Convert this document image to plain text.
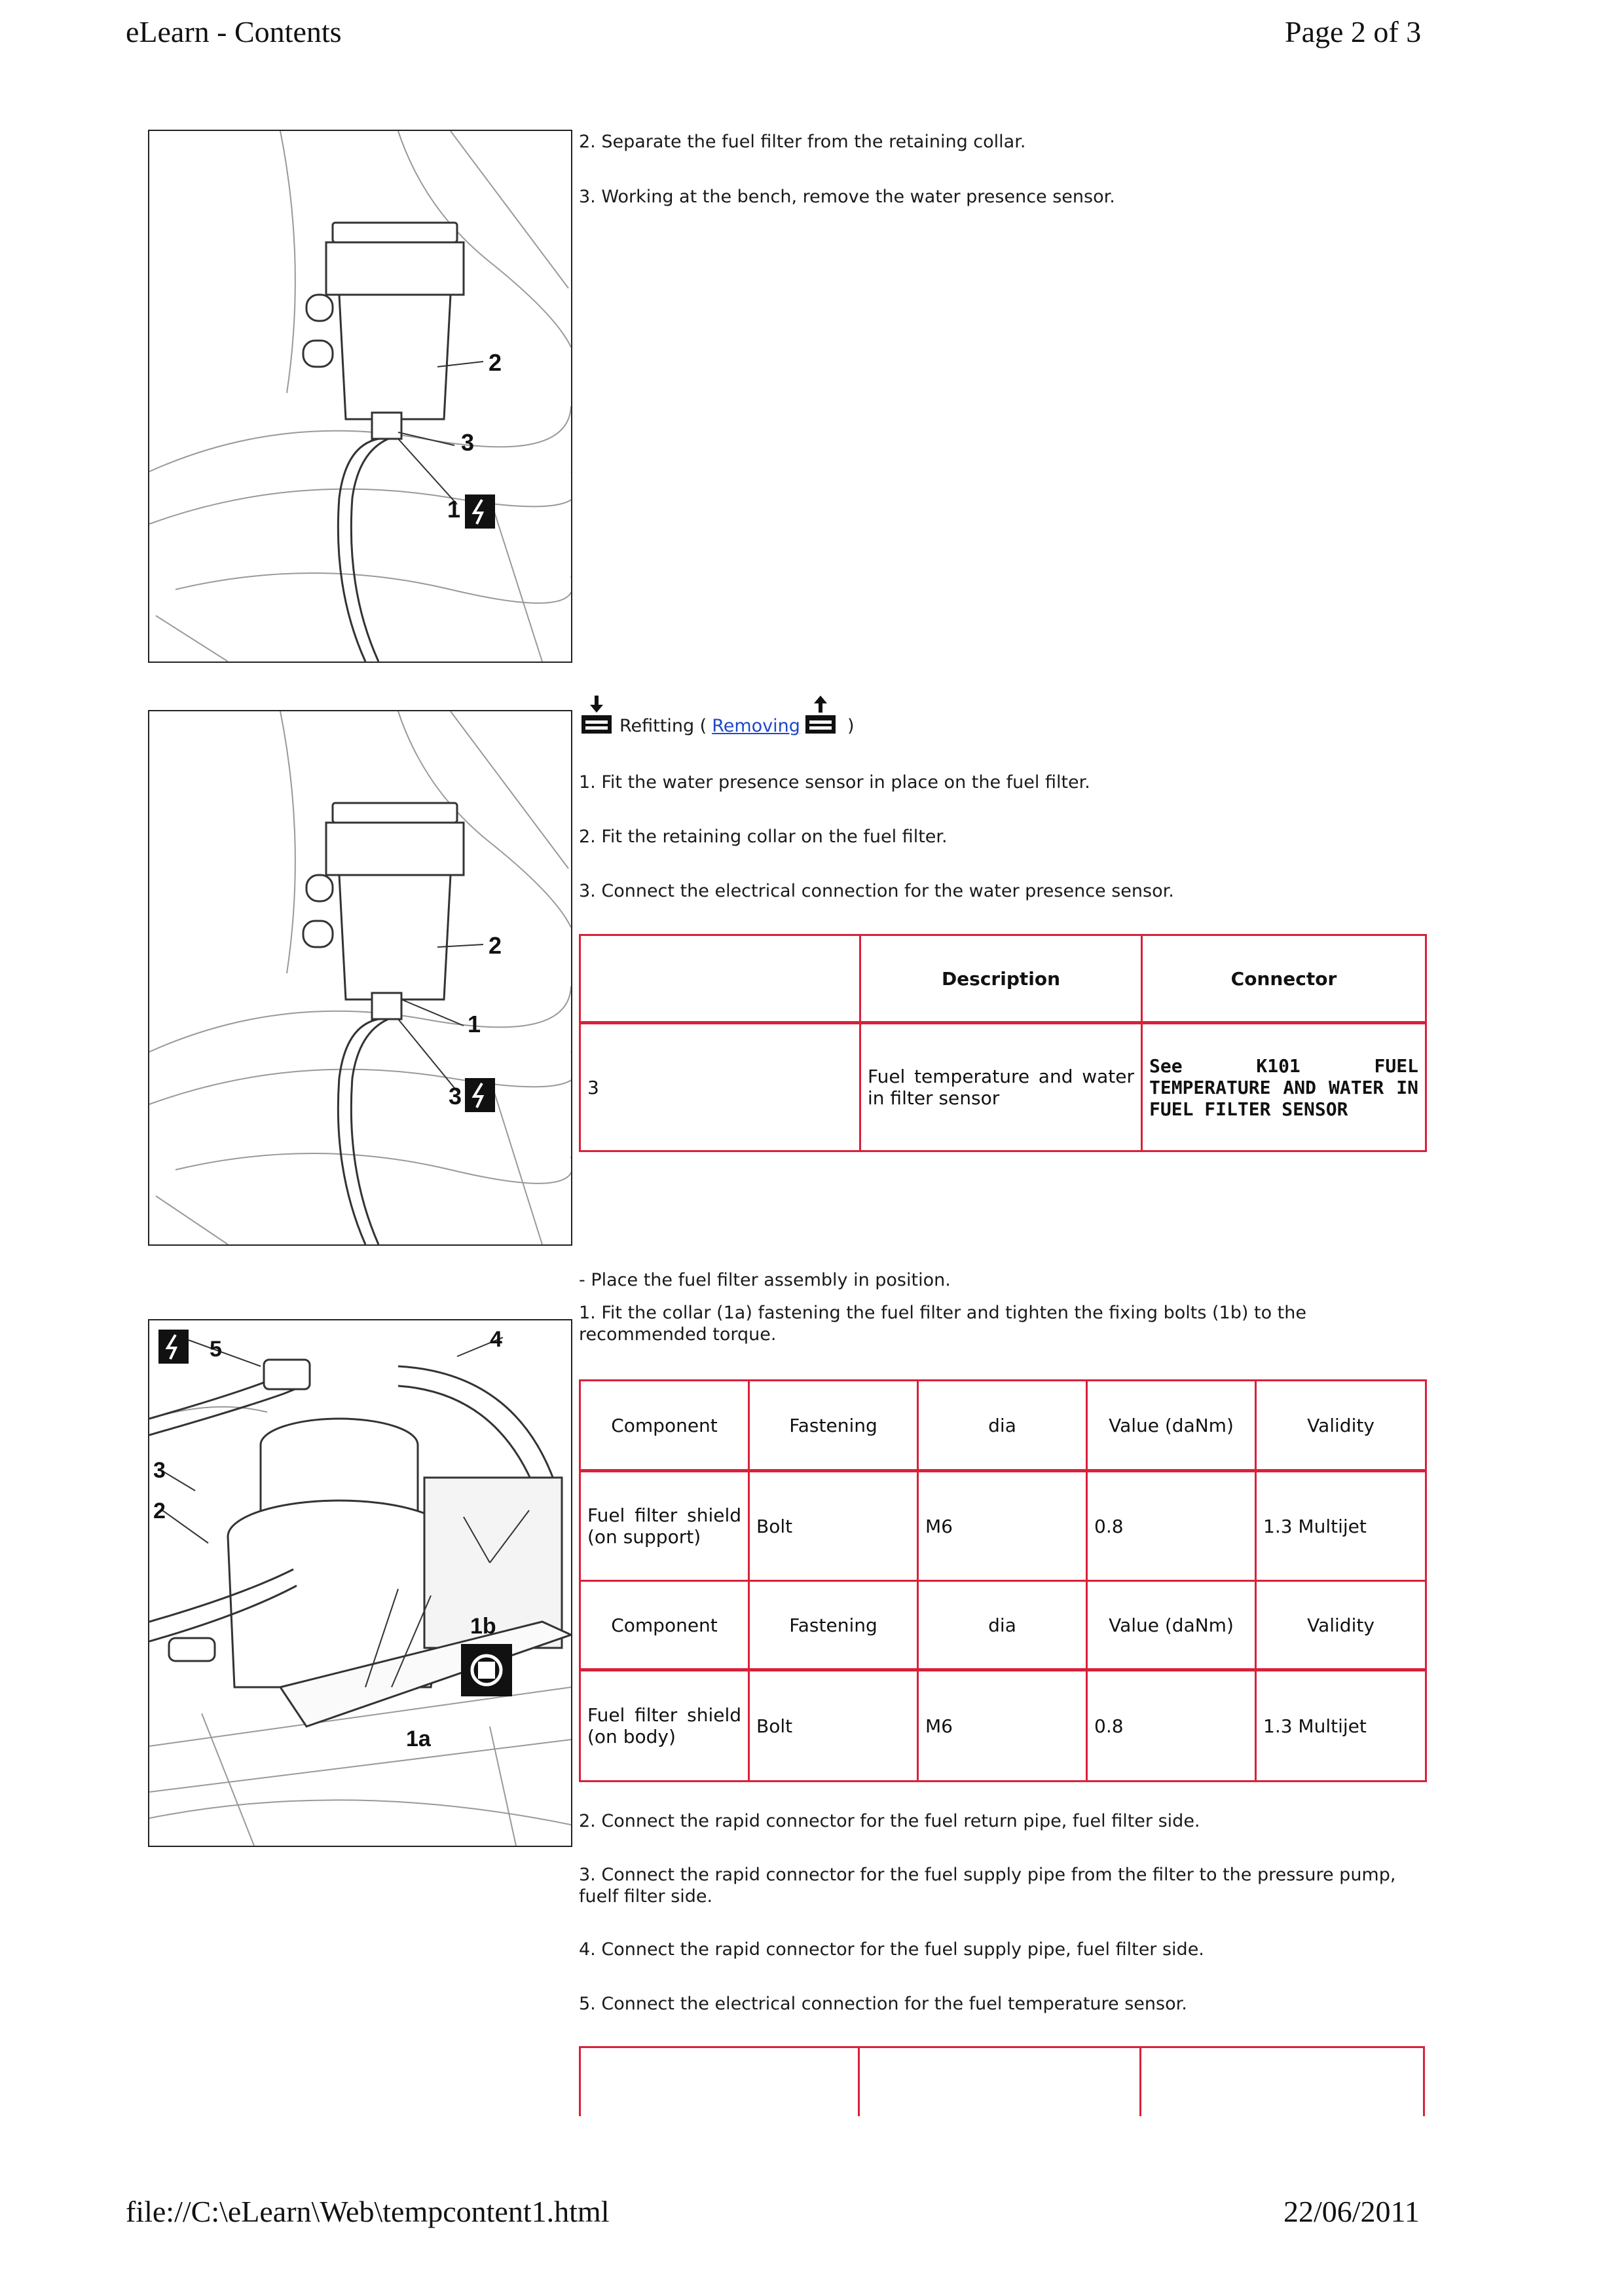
eLearn - Contents	Page 2 of 3
2
3
1
2. Separate the fuel filter from the retaining collar.
3. Working at the bench, remove the water presence sensor.
2
1
3
Refitting ( Removing	)
1. Fit the water presence sensor in place on the fuel filter.
2. Fit the retaining collar on the fuel filter.
3. Connect the electrical connection for the water presence sensor.
	Description	Connector
3	Fuel temperature and water in filter sensor	See K101 FUEL TEMPERATURE AND WATER IN FUEL FILTER SENSOR
5	4
3
2
1b
1a
- Place the fuel filter assembly in position.
1. Fit the collar (1a) fastening the fuel filter and tighten the fixing bolts (1b) to the recommended torque.
Component	Fastening	dia	Value (daNm)	Validity
Fuel filter shield (on support)	Bolt	M6	0.8	1.3 Multijet
Component	Fastening	dia	Value (daNm)	Validity
Fuel filter shield (on body)	Bolt	M6	0.8	1.3 Multijet
2. Connect the rapid connector for the fuel return pipe, fuel filter side.
3. Connect the rapid connector for the fuel supply pipe from the filter to the pressure pump, fuelf filter side.
4. Connect the rapid connector for the fuel supply pipe, fuel filter side.
5. Connect the electrical connection for the fuel temperature sensor.
file://C:\eLearn\Web\tempcontent1.html	22/06/2011
